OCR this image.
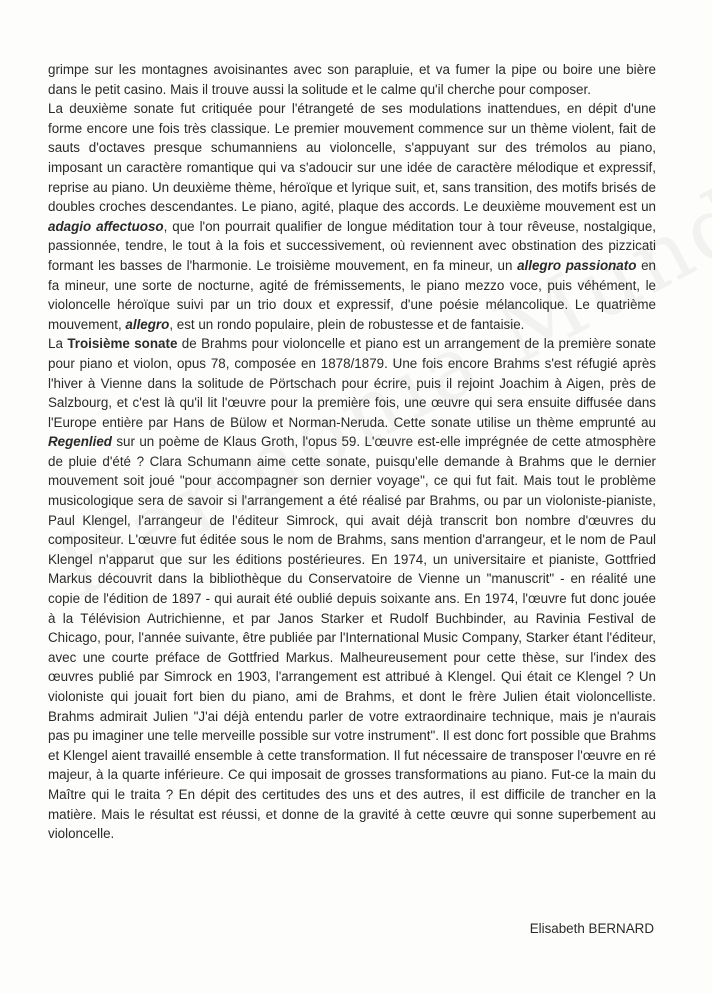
grimpe sur les montagnes avoisinantes avec son parapluie, et va fumer la pipe ou boire une bière dans le petit casino. Mais il trouve aussi la solitude et le calme qu'il cherche pour composer.

La deuxième sonate fut critiquée pour l'étrangeté de ses modulations inattendues, en dépit d'une forme encore une fois très classique. Le premier mouvement commence sur un thème violent, fait de sauts d'octaves presque schumanniens au violoncelle, s'appuyant sur des trémolos au piano, imposant un caractère romantique qui va s'adoucir sur une idée de caractère mélodique et expressif, reprise au piano. Un deuxième thème, héroïque et lyrique suit, et, sans transition, des motifs brisés de doubles croches descendantes. Le piano, agité, plaque des accords. Le deuxième mouvement est un adagio affectuoso, que l'on pourrait qualifier de longue méditation tour à tour rêveuse, nostalgique, passionnée, tendre, le tout à la fois et successivement, où reviennent avec obstination des pizzicati formant les basses de l'harmonie. Le troisième mouvement, en fa mineur, un allegro passionato en fa mineur, une sorte de nocturne, agité de frémissements, le piano mezzo voce, puis véhément, le violoncelle héroïque suivi par un trio doux et expressif, d'une poésie mélancolique. Le quatrième mouvement, allegro, est un rondo populaire, plein de robustesse et de fantaisie.

La Troisième sonate de Brahms pour violoncelle et piano est un arrangement de la première sonate pour piano et violon, opus 78, composée en 1878/1879. Une fois encore Brahms s'est réfugié après l'hiver à Vienne dans la solitude de Pörtschach pour écrire, puis il rejoint Joachim à Aigen, près de Salzbourg, et c'est là qu'il lit l'œuvre pour la première fois, une œuvre qui sera ensuite diffusée dans l'Europe entière par Hans de Bülow et Norman-Neruda. Cette sonate utilise un thème emprunté au Regenlied sur un poème de Klaus Groth, l'opus 59. L'œuvre est-elle imprégnée de cette atmosphère de pluie d'été ? Clara Schumann aime cette sonate, puisqu'elle demande à Brahms que le dernier mouvement soit joué "pour accompagner son dernier voyage", ce qui fut fait. Mais tout le problème musicologique sera de savoir si l'arrangement a été réalisé par Brahms, ou par un violoniste-pianiste, Paul Klengel, l'arrangeur de l'éditeur Simrock, qui avait déjà transcrit bon nombre d'œuvres du compositeur. L'œuvre fut éditée sous le nom de Brahms, sans mention d'arrangeur, et le nom de Paul Klengel n'apparut que sur les éditions postérieures. En 1974, un universitaire et pianiste, Gottfried Markus découvrit dans la bibliothèque du Conservatoire de Vienne un "manuscrit" - en réalité une copie de l'édition de 1897 - qui aurait été oublié depuis soixante ans. En 1974, l'œuvre fut donc jouée à la Télévision Autrichienne, et par Janos Starker et Rudolf Buchbinder, au Ravinia Festival de Chicago, pour, l'année suivante, être publiée par l'International Music Company, Starker étant l'éditeur, avec une courte préface de Gottfried Markus. Malheureusement pour cette thèse, sur l'index des œuvres publié par Simrock en 1903, l'arrangement est attribué à Klengel. Qui était ce Klengel ? Un violoniste qui jouait fort bien du piano, ami de Brahms, et dont le frère Julien était violoncelliste. Brahms admirait Julien "J'ai déjà entendu parler de votre extraordinaire technique, mais je n'aurais pas pu imaginer une telle merveille possible sur votre instrument". Il est donc fort possible que Brahms et Klengel aient travaillé ensemble à cette transformation. Il fut nécessaire de transposer l'œuvre en ré majeur, à la quarte inférieure. Ce qui imposait de grosses transformations au piano. Fut-ce la main du Maître qui le traita ? En dépit des certitudes des uns et des autres, il est difficile de trancher en la matière. Mais le résultat est réussi, et donne de la gravité à cette œuvre qui sonne superbement au violoncelle.

Elisabeth BERNARD
